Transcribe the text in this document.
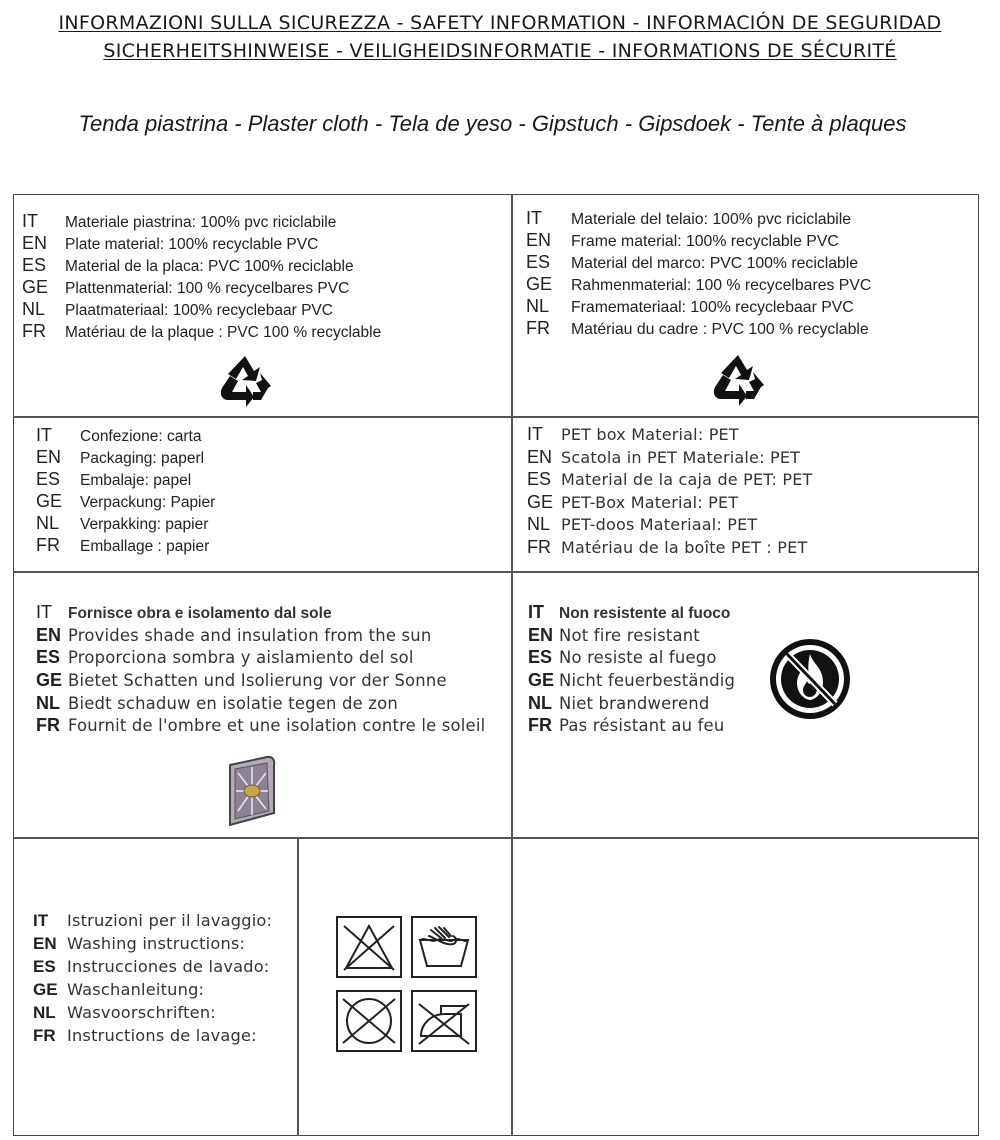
INFORMAZIONI SULLA SICUREZZA - SAFETY INFORMATION - INFORMACIÓN DE SEGURIDAD
SICHERHEITSHINWEISE - VEILIGHEIDSINFORMATIE - INFORMATIONS DE SÉCURITÉ
Tenda piastrina - Plaster cloth - Tela de yeso - Gipstuch - Gipsdoek - Tente à plaques
IT	Materiale piastrina: 100% pvc riciclabile
EN	Plate material: 100% recyclable PVC
ES	Material de la placa: PVC 100% reciclable
GE	Plattenmaterial: 100 % recycelbares PVC
NL	Plaatmateriaal: 100% recyclebaar PVC
FR	Matériau de la plaque : PVC 100 % recyclable
IT	Materiale del telaio: 100% pvc riciclabile
EN	Frame material: 100% recyclable PVC
ES	Material del marco: PVC 100% reciclable
GE	Rahmenmaterial: 100 % recycelbares PVC
NL	Framemateriaal: 100% recyclebaar PVC
FR	Matériau du cadre : PVC 100 % recyclable
IT	Confezione: carta
EN	Packaging: paperl
ES	Embalaje: papel
GE	Verpackung: Papier
NL	Verpakking: papier
FR	Emballage : papier
IT	PET box Material: PET
EN Scatola in PET Materiale: PET
ES Material de la caja de PET: PET
GE PET-Box Material: PET
NL PET-doos Materiaal: PET
FR Matériau de la boîte PET : PET
IT	Fornisce obra e isolamento dal sole
EN Provides shade and insulation from the sun
ES Proporciona sombra y aislamiento del sol
GE Bietet Schatten und Isolierung vor der Sonne
NL Biedt schaduw en isolatie tegen de zon
FR Fournit de l'ombre et une isolation contre le soleil
IT Non resistente al fuoco
EN Not fire resistant
ES No resiste al fuego
GE Nicht feuerbeständig
NL Niet brandwerend
FR Pas résistant au feu
IT	Istruzioni per il lavaggio:
EN Washing instructions:
ES Instrucciones de lavado:
GE Waschanleitung:
NL Wasvoorschriften:
FR Instructions de lavage:
